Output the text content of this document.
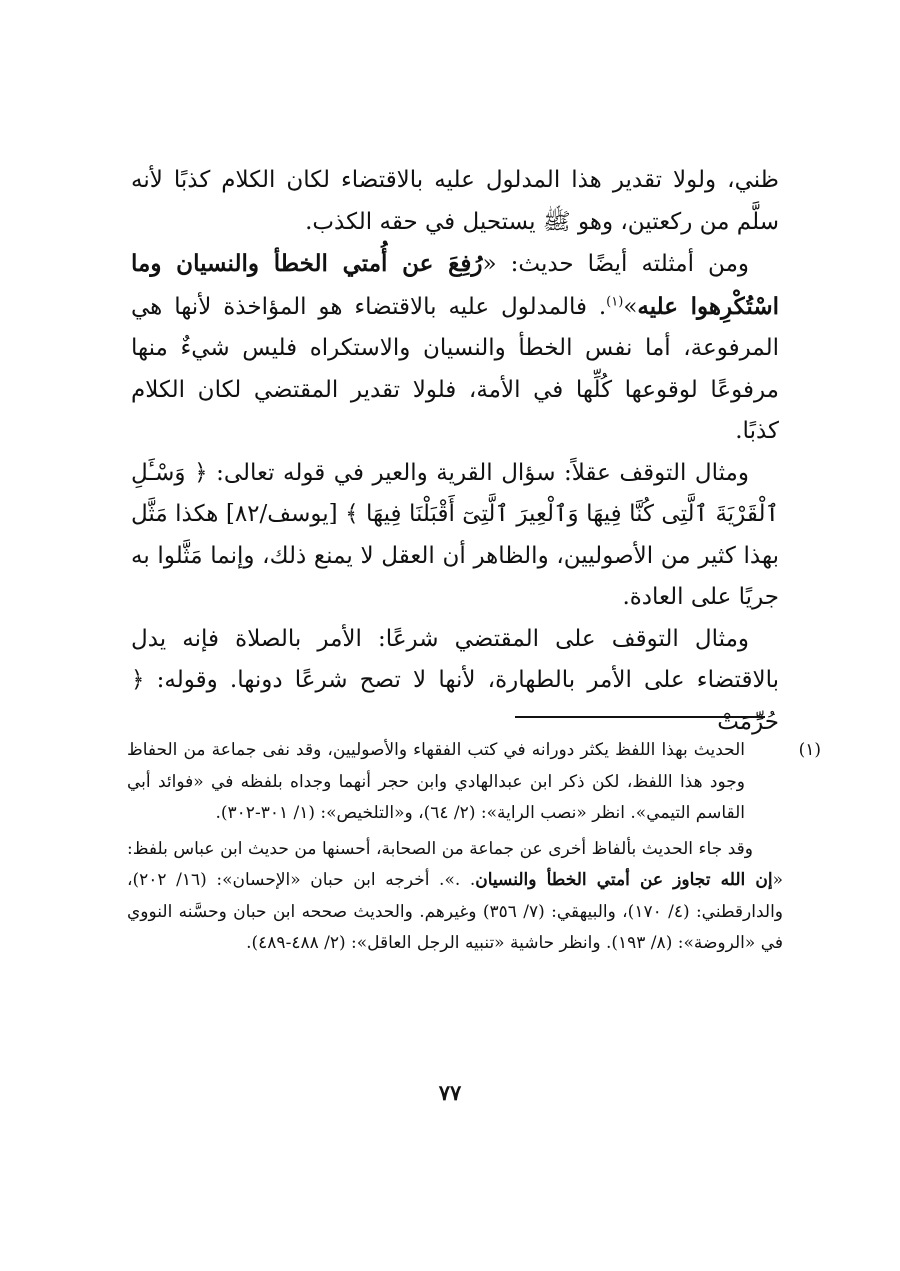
ظني، ولولا تقدير هذا المدلول عليه بالاقتضاء لكان الكلام كذبًا لأنه سلَّم من ركعتين، وهو ﷺ يستحيل في حقه الكذب.

ومن أمثلته أيضًا حديث: «رُفِعَ عن أُمتي الخطأ والنسيان وما اسْتُكْرِهوا عليه»$^{(١)}$. فالمدلول عليه بالاقتضاء هو المؤاخذة لأنها هي المرفوعة، أما نفس الخطأ والنسيان والاستكراه فليس شيءٌ منها مرفوعًا لوقوعها كُلِّها في الأمة، فلولا تقدير المقتضي لكان الكلام كذبًا.

ومثال التوقف عقلاً: سؤال القرية والعير في قوله تعالى: ﴿ وَسْـَٔلِ ٱلْقَرْيَةَ ٱلَّتِى كُنَّا فِيهَا وَٱلْعِيرَ ٱلَّتِىٓ أَقْبَلْنَا فِيهَا ﴾ [يوسف/٨٢] هكذا مَثَّل بهذا كثير من الأصوليين، والظاهر أن العقل لا يمنع ذلك، وإنما مَثَّلوا به جريًا على العادة.

ومثال التوقف على المقتضي شرعًا: الأمر بالصلاة فإنه يدل بالاقتضاء على الأمر بالطهارة، لأنها لا تصح شرعًا دونها. وقوله: ﴿ حُرِّمَتْ

(١)الحديث بهذا اللفظ يكثر دورانه في كتب الفقهاء والأصوليين، وقد نفى جماعة من الحفاظ وجود هذا اللفظ، لكن ذكر ابن عبدالهادي وابن حجر أنهما وجداه بلفظه في «فوائد أبي القاسم التيمي». انظر «نصب الراية»: (٢/ ٦٤)، و«التلخيص»: (١/ ٣٠١-٣٠٢).

وقد جاء الحديث بألفاظ أخرى عن جماعة من الصحابة، أحسنها من حديث ابن عباس بلفظ: «إن الله تجاوز عن أمتي الخطأ والنسيان. .». أخرجه ابن حبان «الإحسان»: (١٦/ ٢٠٢)، والدارقطني: (٤/ ١٧٠)، والبيهقي: (٧/ ٣٥٦) وغيرهم. والحديث صححه ابن حبان وحسَّنه النووي في «الروضة»: (٨/ ١٩٣). وانظر حاشية «تنبيه الرجل العاقل»: (٢/ ٤٨٨-٤٨٩).

٧٧
